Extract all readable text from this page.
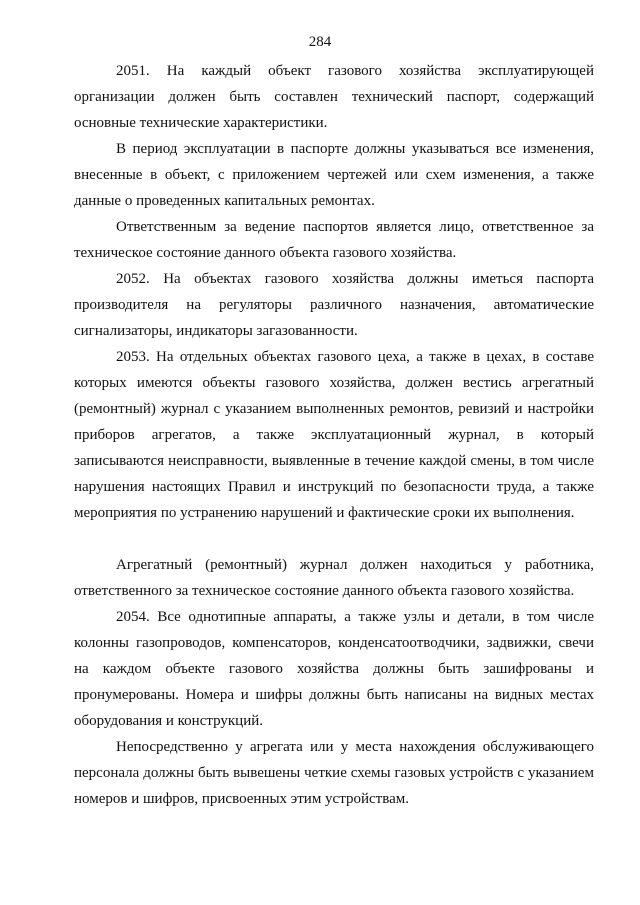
284

2051. На каждый объект газового хозяйства эксплуатирующей организации должен быть составлен технический паспорт, содержащий основные технические характеристики.

В период эксплуатации в паспорте должны указываться все изменения, внесенные в объект, с приложением чертежей или схем изменения, а также данные о проведенных капитальных ремонтах.

Ответственным за ведение паспортов является лицо, ответственное за техническое состояние данного объекта газового хозяйства.

2052. На объектах газового хозяйства должны иметься паспорта производителя на регуляторы различного назначения, автоматические сигнализаторы, индикаторы загазованности.

2053. На отдельных объектах газового цеха, а также в цехах, в составе которых имеются объекты газового хозяйства, должен вестись агрегатный (ремонтный) журнал с указанием выполненных ремонтов, ревизий и настройки приборов агрегатов, а также эксплуатационный журнал, в который записываются неисправности, выявленные в течение каждой смены, в том числе нарушения настоящих Правил и инструкций по безопасности труда, а также мероприятия по устранению нарушений и фактические сроки их выполнения.

Агрегатный (ремонтный) журнал должен находиться у работника, ответственного за техническое состояние данного объекта газового хозяйства.

2054. Все однотипные аппараты, а также узлы и детали, в том числе колонны газопроводов, компенсаторов, конденсатоотводчики, задвижки, свечи на каждом объекте газового хозяйства должны быть зашифрованы и пронумерованы. Номера и шифры должны быть написаны на видных местах оборудования и конструкций.

Непосредственно у агрегата или у места нахождения обслуживающего персонала должны быть вывешены четкие схемы газовых устройств с указанием номеров и шифров, присвоенных этим устройствам.
